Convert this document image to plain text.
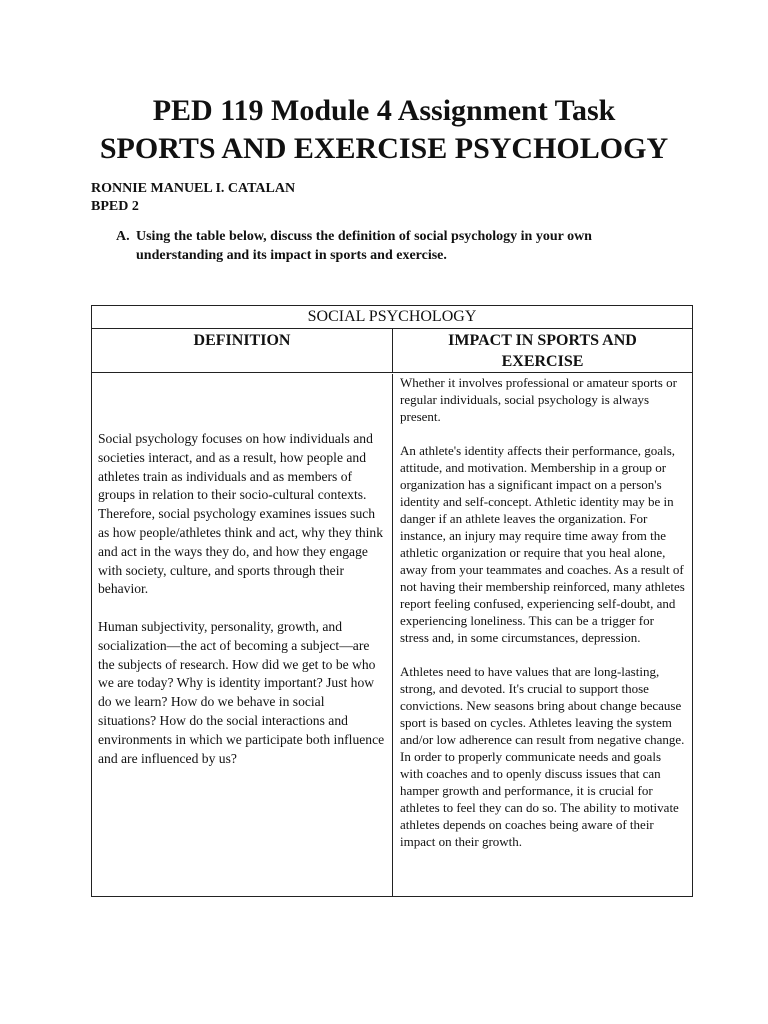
PED 119 Module 4 Assignment Task
SPORTS AND EXERCISE PSYCHOLOGY
RONNIE MANUEL I. CATALAN
BPED 2
A. Using the table below, discuss the definition of social psychology in your own understanding and its impact in sports and exercise.
SOCIAL PSYCHOLOGY
DEFINITION	IMPACT IN SPORTS AND EXERCISE

Social psychology focuses on how individuals and societies interact, and as a result, how people and athletes train as individuals and as members of groups in relation to their socio-cultural contexts. Therefore, social psychology examines issues such as how people/athletes think and act, why they think and act in the ways they do, and how they engage with society, culture, and sports through their behavior.

Human subjectivity, personality, growth, and socialization—the act of becoming a subject—are the subjects of research. How did we get to be who we are today? Why is identity important? Just how do we learn? How do we behave in social situations? How do the social interactions and environments in which we participate both influence and are influenced by us?

Whether it involves professional or amateur sports or regular individuals, social psychology is always present.

An athlete's identity affects their performance, goals, attitude, and motivation. Membership in a group or organization has a significant impact on a person's identity and self-concept. Athletic identity may be in danger if an athlete leaves the organization. For instance, an injury may require time away from the athletic organization or require that you heal alone, away from your teammates and coaches. As a result of not having their membership reinforced, many athletes report feeling confused, experiencing self-doubt, and experiencing loneliness. This can be a trigger for stress and, in some circumstances, depression.

Athletes need to have values that are long-lasting, strong, and devoted. It's crucial to support those convictions. New seasons bring about change because sport is based on cycles. Athletes leaving the system and/or low adherence can result from negative change. In order to properly communicate needs and goals with coaches and to openly discuss issues that can hamper growth and performance, it is crucial for athletes to feel they can do so. The ability to motivate athletes depends on coaches being aware of their impact on their growth.
